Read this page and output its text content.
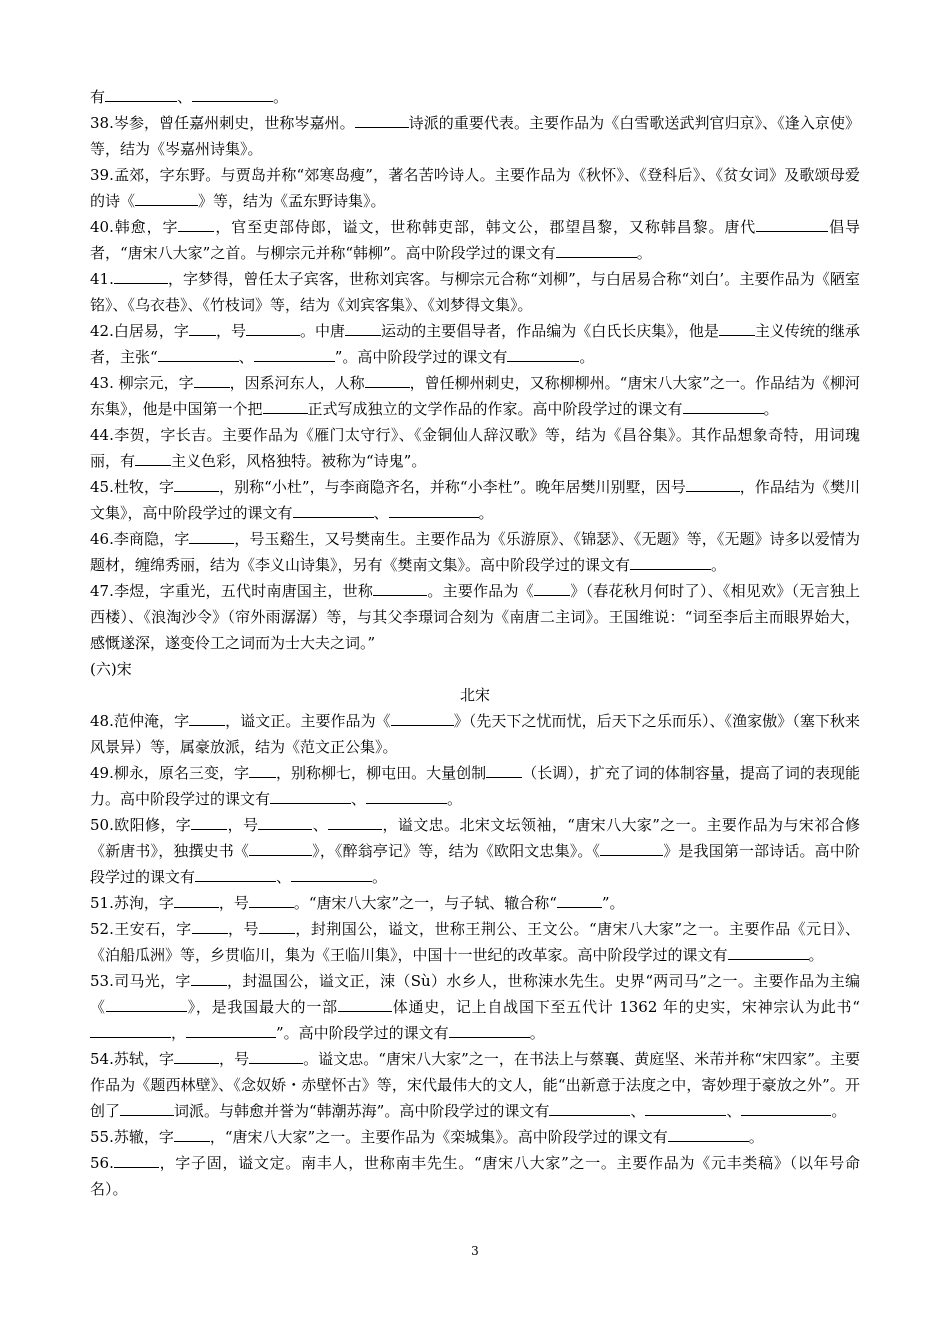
有	、	。

38.岑参，曾任嘉州刺史，世称岑嘉州。	诗派的重要代表。主要作品为《白雪歌送武判官归京》、《逢入京使》等，结为《岑嘉州诗集》。

39.孟郊，字东野。与贾岛并称“郊寒岛瘦”，著名苦吟诗人。主要作品为《秋怀》、《登科后》、《贫女词》及歌颂母爱的诗《	》等，结为《孟东野诗集》。

40.韩愈，字 ，官至吏部侍郎，谥文，世称韩吏部，韩文公，郡望昌黎，又称韩昌黎。唐代	倡导者，“唐宋八大家”之首。与柳宗元并称“韩柳”。高中阶段学过的课文有	。

41.	，字梦得，曾任太子宾客，世称刘宾客。与柳宗元合称“刘柳”，与白居易合称“刘白’。主要作品为《陋室铭》、《乌衣巷》、《竹枝词》等，结为《刘宾客集》、《刘梦得文集》。

42.白居易，字 ，号	。中唐 运动的主要倡导者，作品编为《白氏长庆集》，他是 主义传统的继承者，主张“	、	”。高中阶段学过的课文有	。

43. 柳宗元，字 ，因系河东人，人称	，曾任柳州刺史，又称柳柳州。“唐宋八大家”之一。作品结为《柳河东集》，他是中国第一个把	正式写成独立的文学作品的作家。高中阶段学过的课文有	。

44.李贺，字长吉。主要作品为《雁门太守行》、《金铜仙人辞汉歌》等，结为《昌谷集》。其作品想象奇特，用词瑰丽，有 主义色彩，风格独特。被称为“诗鬼”。

45.杜牧，字	，别称“小杜”，与李商隐齐名，并称“小李杜”。晚年居樊川别墅，因号	，作品结为《樊川文集》，高中阶段学过的课文有	、	。

46.李商隐，字	，号玉谿生，又号樊南生。主要作品为《乐游原》、《锦瑟》、《无题》等，《无题》诗多以爱情为题材，缠绵秀丽，结为《李义山诗集》，另有《樊南文集》。高中阶段学过的课文有	。

47.李煜，字重光，五代时南唐国主，世称	。主要作品为《 》（春花秋月何时了）、《相见欢》（无言独上西楼）、《浪淘沙令》（帘外雨潺潺）等，与其父李璟词合刻为《南唐二主词》。王国维说：“词至李后主而眼界始大，感慨遂深，遂变伶工之词而为士大夫之词。”

(六)宋

北宋

48.范仲淹，字 ，谥文正。主要作品为《	》（先天下之忧而忧，后天下之乐而乐）、《渔家傲》（塞下秋来风景异）等，属豪放派，结为《范文正公集》。

49.柳永，原名三变，字 ，别称柳七，柳屯田。大量创制 （长调），扩充了词的体制容量，提高了词的表现能力。高中阶段学过的课文有	、	。

50.欧阳修，字 ，号	、	，谥文忠。北宋文坛领袖，“唐宋八大家”之一。主要作品为与宋祁合修《新唐书》，独撰史书《	》，《醉翁亭记》等，结为《欧阳文忠集》。《	》是我国第一部诗话。高中阶段学过的课文有	、	。

51.苏洵，字	，号	。“唐宋八大家”之一，与子轼、辙合称“	”。

52.王安石，字 ，号 ，封荆国公，谥文，世称王荆公、王文公。“唐宋八大家”之一。主要作品《元日》、《泊船瓜洲》等，乡贯临川，集为《王临川集》，中国十一世纪的改革家。高中阶段学过的课文有	。

53.司马光，字 ，封温国公，谥文正，涑（Sù）水乡人，世称涑水先生。史界“两司马”之一。主要作品为主编《	》，是我国最大的一部	体通史，记上自战国下至五代计 1362 年的史实，宋神宗认为此书“，	”。高中阶段学过的课文有	。

54.苏轼，字	，号	。谥文忠。“唐宋八大家”之一，在书法上与蔡襄、黄庭坚、米芾并称“宋四家”。主要作品为《题西林壁》、《念奴娇・赤壁怀古》等，宋代最伟大的文人，能“出新意于法度之中，寄妙理于豪放之外”。开创了	词派。与韩愈并誉为“韩潮苏海”。高中阶段学过的课文有	、	、	。

55.苏辙，字 ，“唐宋八大家”之一。主要作品为《栾城集》。高中阶段学过的课文有	。

56.	，字子固，谥文定。南丰人，世称南丰先生。“唐宋八大家”之一。主要作品为《元丰类稿》（以年号命名）。

3
